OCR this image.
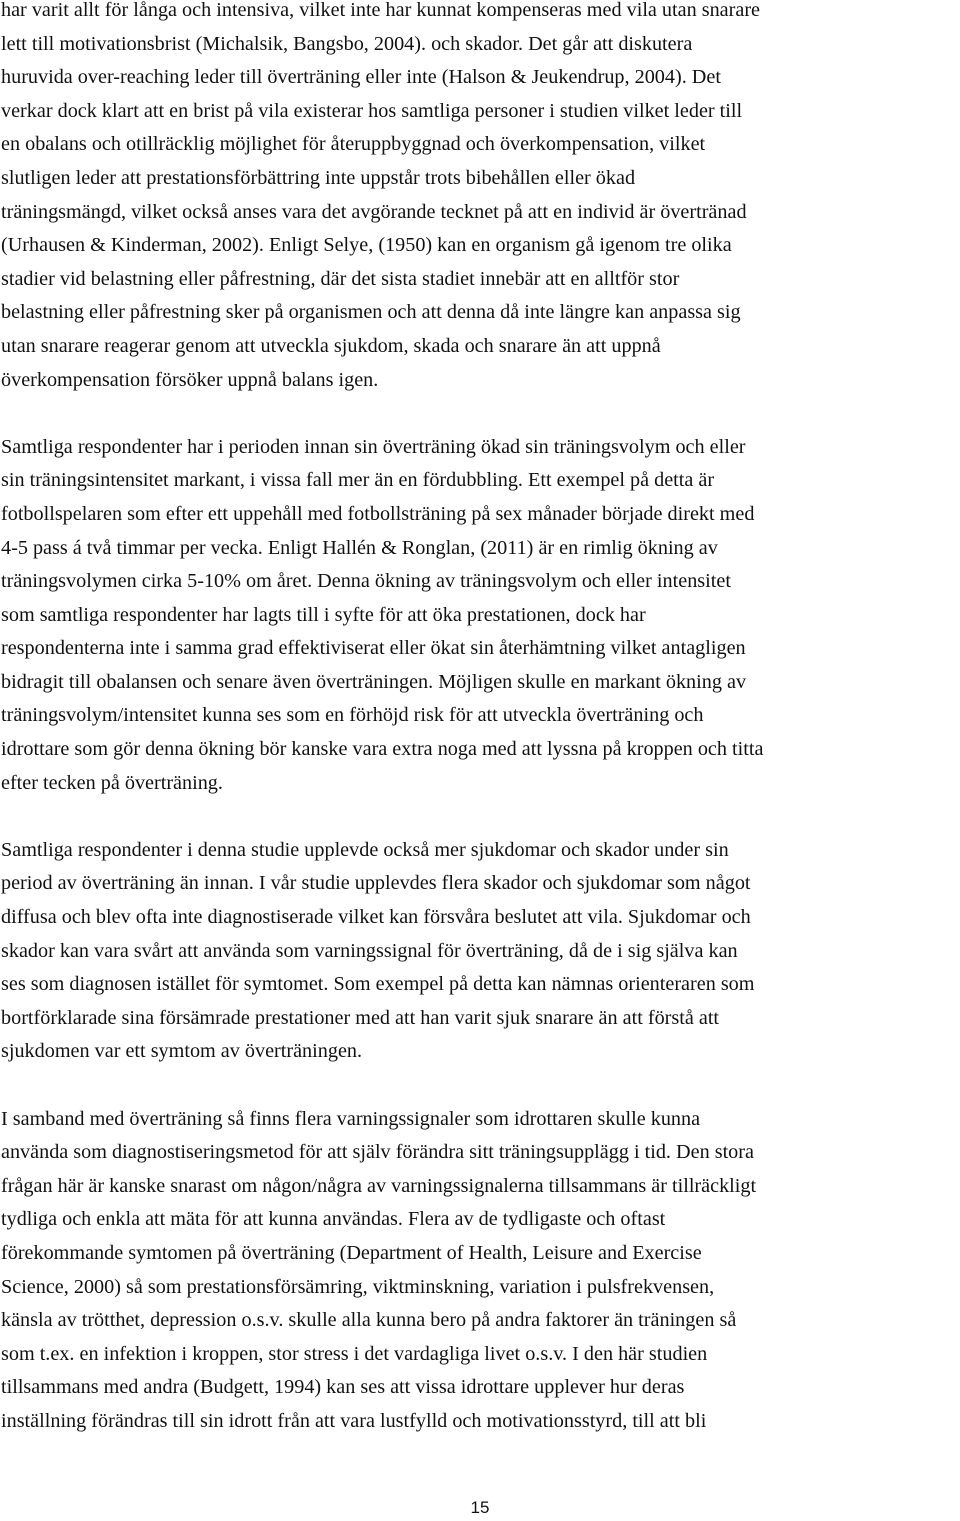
har varit allt för långa och intensiva, vilket inte har kunnat kompenseras med vila utan snarare
lett till motivationsbrist (Michalsik, Bangsbo, 2004). och skador. Det går att diskutera
huruvida over-reaching leder till överträning eller inte (Halson & Jeukendrup, 2004). Det
verkar dock klart att en brist på vila existerar hos samtliga personer i studien vilket leder till
en obalans och otillräcklig möjlighet för återuppbyggnad och överkompensation, vilket
slutligen leder att prestationsförbättring inte uppstår trots bibehållen eller ökad
träningsmängd, vilket också anses vara det avgörande tecknet på att en individ är övertränad
(Urhausen & Kinderman, 2002). Enligt Selye, (1950) kan en organism gå igenom tre olika
stadier vid belastning eller påfrestning, där det sista stadiet innebär att en alltför stor
belastning eller påfrestning sker på organismen och att denna då inte längre kan anpassa sig
utan snarare reagerar genom att utveckla sjukdom, skada och snarare än att uppnå
överkompensation försöker uppnå balans igen.
Samtliga respondenter har i perioden innan sin överträning ökad sin träningsvolym och eller
sin träningsintensitet markant, i vissa fall mer än en fördubbling. Ett exempel på detta är
fotbollspelaren som efter ett uppehåll med fotbollsträning på sex månader började direkt med
4-5 pass á två timmar per vecka. Enligt Hallén & Ronglan, (2011) är en rimlig ökning av
träningsvolymen cirka 5-10% om året. Denna ökning av träningsvolym och eller intensitet
som samtliga respondenter har lagts till i syfte för att öka prestationen, dock har
respondenterna inte i samma grad effektiviserat eller ökat sin återhämtning vilket antagligen
bidragit till obalansen och senare även överträningen. Möjligen skulle en markant ökning av
träningsvolym/intensitet kunna ses som en förhöjd risk för att utveckla överträning och
idrottare som gör denna ökning bör kanske vara extra noga med att lyssna på kroppen och titta
efter tecken på överträning.
Samtliga respondenter i denna studie upplevde också mer sjukdomar och skador under sin
period av överträning än innan. I vår studie upplevdes flera skador och sjukdomar som något
diffusa och blev ofta inte diagnostiserade vilket kan försvåra beslutet att vila. Sjukdomar och
skador kan vara svårt att använda som varningssignal för överträning, då de i sig själva kan
ses som diagnosen istället för symtomet. Som exempel på detta kan nämnas orienteraren som
bortförklarade sina försämrade prestationer med att han varit sjuk snarare än att förstå att
sjukdomen var ett symtom av överträningen.
I samband med överträning så finns flera varningssignaler som idrottaren skulle kunna
använda som diagnostiseringsmetod för att själv förändra sitt träningsupplägg i tid. Den stora
frågan här är kanske snarast om någon/några av varningssignalerna tillsammans är tillräckligt
tydliga och enkla att mäta för att kunna användas. Flera av de tydligaste och oftast
förekommande symtomen på överträning (Department of Health, Leisure and Exercise
Science, 2000) så som prestationsförsämring, viktminskning, variation i pulsfrekvensen,
känsla av trötthet, depression o.s.v. skulle alla kunna bero på andra faktorer än träningen så
som t.ex. en infektion i kroppen, stor stress i det vardagliga livet o.s.v. I den här studien
tillsammans med andra (Budgett, 1994) kan ses att vissa idrottare upplever hur deras
inställning förändras till sin idrott från att vara lustfylld och motivationsstyrd, till att bli
15
